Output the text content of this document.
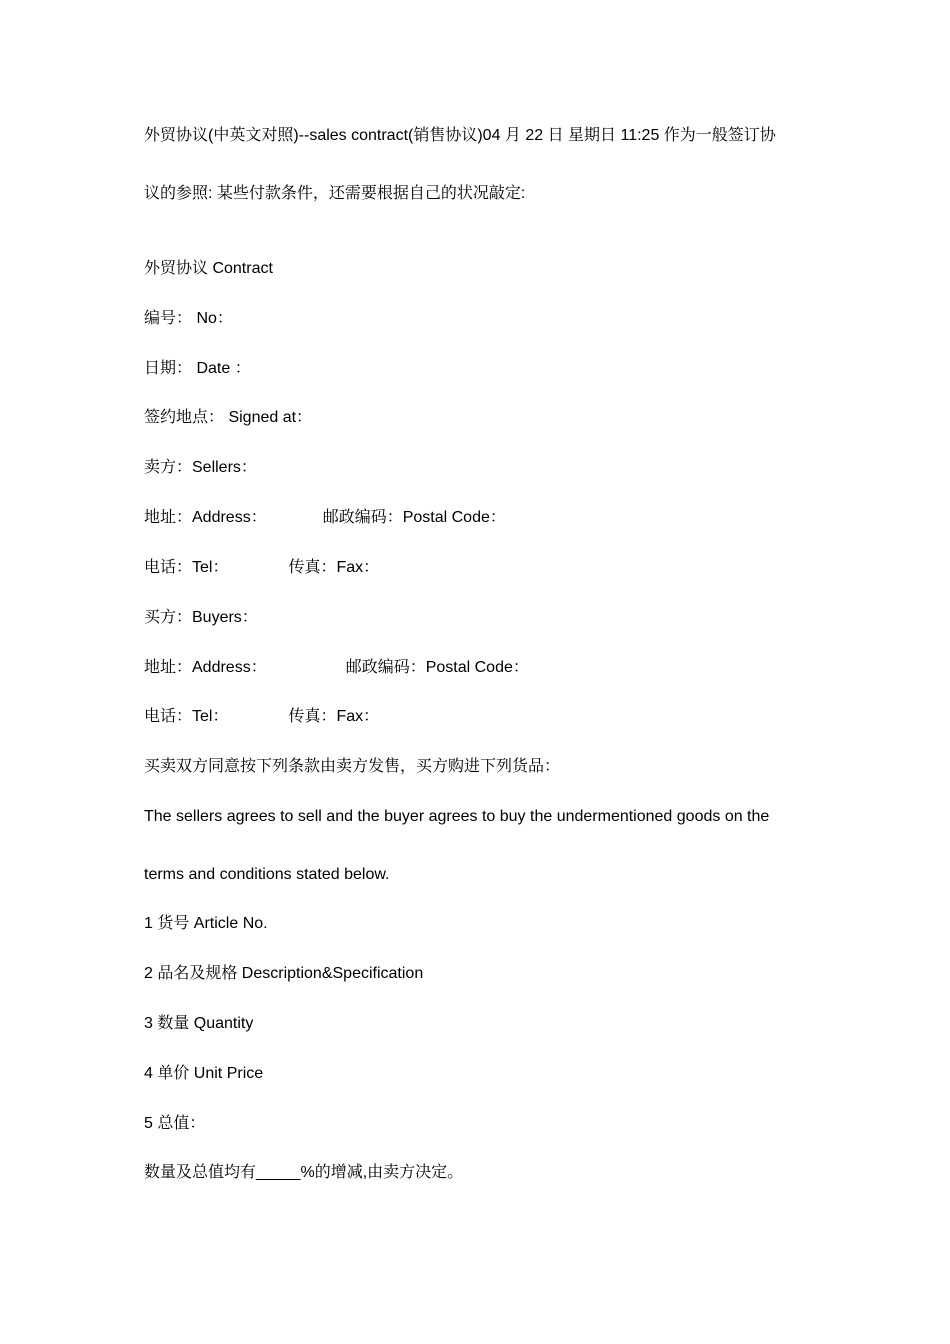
外贸协议(中英文对照)--sales contract(销售协议)04 月 22 日 星期日 11:25 作为一般签订协
议的参照: 某些付款条件，还需要根据自己的状况敲定:
外贸协议 Contract
编号： No：
日期： Date ：
签约地点： Signed at：
卖方：Sellers：
地址：Address：	邮政编码：Postal Code：
电话：Tel：	传真：Fax：
买方：Buyers：
地址：Address：	邮政编码：Postal Code：
电话：Tel：	传真：Fax：
买卖双方同意按下列条款由卖方发售，买方购进下列货品：
The sellers agrees to sell and the buyer agrees to buy the undermentioned goods on the
terms and conditions stated below.
1 货号 Article No.
2 品名及规格 Description&Specification
3 数量 Quantity
4 单价 Unit Price
5 总值：
数量及总值均有_____%的增减,由卖方决定。
